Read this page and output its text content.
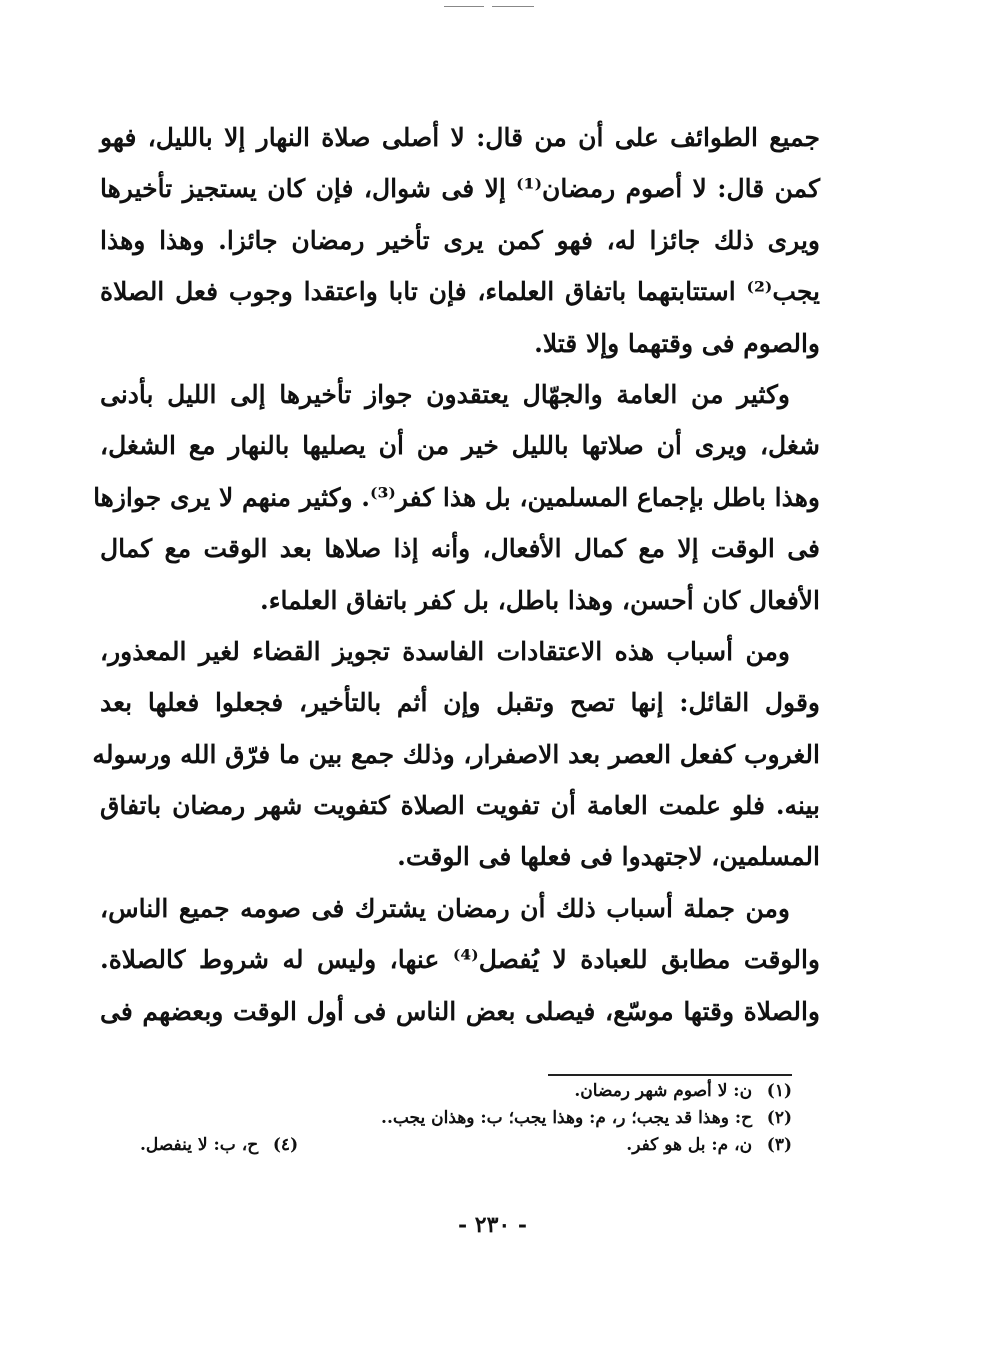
جميع الطوائف على أن من قال: لا أصلى صلاة النهار إلا بالليل، فهو
كمن قال: لا أصوم رمضان⁽¹⁾ إلا فى شوال، فإن كان يستجيز تأخيرها
ويرى ذلك جائزا له، فهو كمن يرى تأخير رمضان جائزا. وهذا وهذا
يجب⁽²⁾ استتابتهما باتفاق العلماء، فإن تابا واعتقدا وجوب فعل الصلاة
والصوم فى وقتهما وإلا قتلا.
وكثير من العامة والجهّال يعتقدون جواز تأخيرها إلى الليل بأدنى
شغل، ويرى أن صلاتها بالليل خير من أن يصليها بالنهار مع الشغل،
وهذا باطل بإجماع المسلمين، بل هذا كفر⁽³⁾. وكثير منهم لا يرى جوازها
فى الوقت إلا مع كمال الأفعال، وأنه إذا صلاها بعد الوقت مع كمال
الأفعال كان أحسن، وهذا باطل، بل كفر باتفاق العلماء.
ومن أسباب هذه الاعتقادات الفاسدة تجويز القضاء لغير المعذور،
وقول القائل: إنها تصح وتقبل وإن أثم بالتأخير، فجعلوا فعلها بعد
الغروب كفعل العصر بعد الاصفرار، وذلك جمع بين ما فرّق الله ورسوله
بينه. فلو علمت العامة أن تفويت الصلاة كتفويت شهر رمضان باتفاق
المسلمين، لاجتهدوا فى فعلها فى الوقت.
ومن جملة أسباب ذلك أن رمضان يشترك فى صومه جميع الناس،
والوقت مطابق للعبادة لا يُفصل⁽⁴⁾ عنها، وليس له شروط كالصلاة.
والصلاة وقتها موسّع، فيصلى بعض الناس فى أول الوقت وبعضهم فى
(١) ن: لا أصوم شهر رمضان.
(٢) ح: وهذا قد يجب؛ ر، م: وهذا يجب؛ ب: وهذان يجب..
(٣) ن، م: بل هو كفر.
(٤) ح، ب: لا ينفصل.
- ٢٣٠ -
